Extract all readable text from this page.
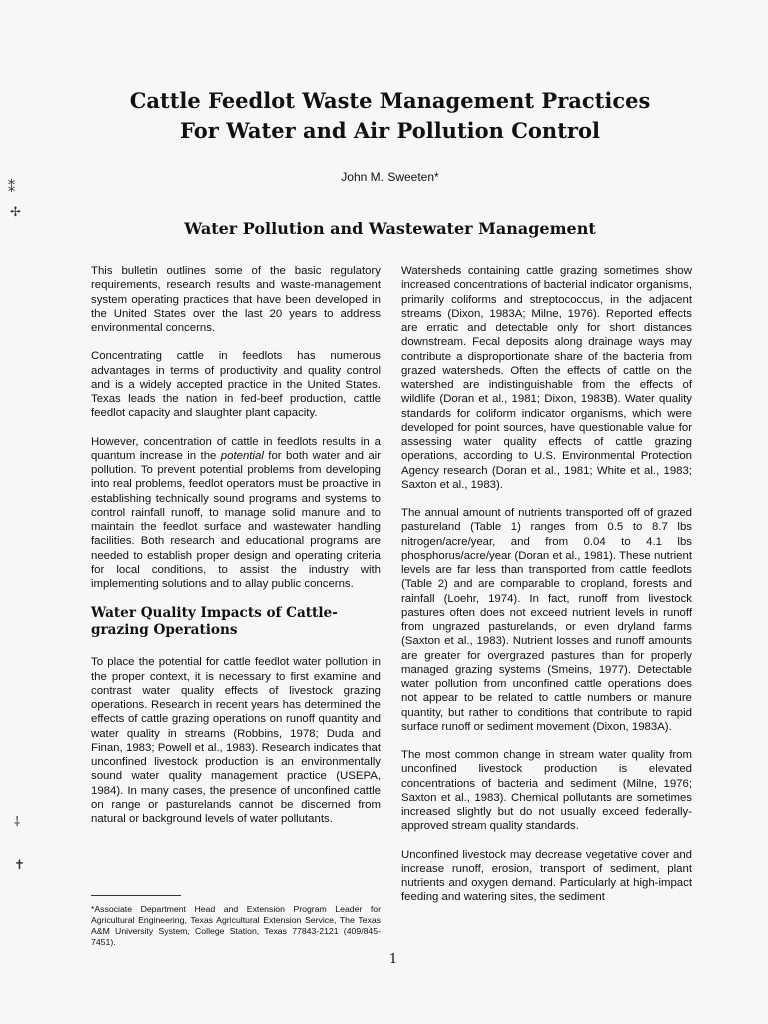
Cattle Feedlot Waste Management Practices
For Water and Air Pollution Control
John M. Sweeten*
Water Pollution and Wastewater Management

This bulletin outlines some of the basic regulatory requirements, research results and waste-management system operating practices that have been developed in the United States over the last 20 years to address environmental concerns.

Concentrating cattle in feedlots has numerous advantages in terms of productivity and quality control and is a widely accepted practice in the United States. Texas leads the nation in fed-beef production, cattle feedlot capacity and slaughter plant capacity.

However, concentration of cattle in feedlots results in a quantum increase in the potential for both water and air pollution. To prevent potential problems from developing into real problems, feedlot operators must be proactive in establishing technically sound programs and systems to control rainfall runoff, to manage solid manure and to maintain the feedlot surface and wastewater handling facilities. Both research and educational programs are needed to establish proper design and operating criteria for local conditions, to assist the industry with implementing solutions and to allay public concerns.

Water Quality Impacts of Cattle-grazing Operations

To place the potential for cattle feedlot water pollution in the proper context, it is necessary to first examine and contrast water quality effects of livestock grazing operations. Research in recent years has determined the effects of cattle grazing operations on runoff quantity and water quality in streams (Robbins, 1978; Duda and Finan, 1983; Powell et al., 1983). Research indicates that unconfined livestock production is an environmentally sound water quality management practice (USEPA, 1984). In many cases, the presence of unconfined cattle on range or pasturelands cannot be discerned from natural or background levels of water pollutants.

Watersheds containing cattle grazing sometimes show increased concentrations of bacterial indicator organisms, primarily coliforms and streptococcus, in the adjacent streams (Dixon, 1983A; Milne, 1976). Reported effects are erratic and detectable only for short distances downstream. Fecal deposits along drainage ways may contribute a disproportionate share of the bacteria from grazed watersheds. Often the effects of cattle on the watershed are indistinguishable from the effects of wildlife (Doran et al., 1981; Dixon, 1983B). Water quality standards for coliform indicator organisms, which were developed for point sources, have questionable value for assessing water quality effects of cattle grazing operations, according to U.S. Environmental Protection Agency research (Doran et al., 1981; White et al., 1983; Saxton et al., 1983).

The annual amount of nutrients transported off of grazed pastureland (Table 1) ranges from 0.5 to 8.7 lbs nitrogen/acre/year, and from 0.04 to 4.1 lbs phosphorus/acre/year (Doran et al., 1981). These nutrient levels are far less than transported from cattle feedlots (Table 2) and are comparable to cropland, forests and rainfall (Loehr, 1974). In fact, runoff from livestock pastures often does not exceed nutrient levels in runoff from ungrazed pasturelands, or even dryland farms (Saxton et al., 1983). Nutrient losses and runoff amounts are greater for overgrazed pastures than for properly managed grazing systems (Smeins, 1977). Detectable water pollution from unconfined cattle operations does not appear to be related to cattle numbers or manure quantity, but rather to conditions that contribute to rapid surface runoff or sediment movement (Dixon, 1983A).

The most common change in stream water quality from unconfined livestock production is elevated concentrations of bacteria and sediment (Milne, 1976; Saxton et al., 1983). Chemical pollutants are sometimes increased slightly but do not usually exceed federally-approved stream quality standards.

Unconfined livestock may decrease vegetative cover and increase runoff, erosion, transport of sediment, plant nutrients and oxygen demand. Particularly at high-impact feeding and watering sites, the sediment

*Associate Department Head and Extension Program Leader for Agricultural Engineering, Texas Agricultural Extension Service, The Texas A&M University System, College Station, Texas 77843-2121 (409/845-7451).
1
⁑
✢
⸸
✝
